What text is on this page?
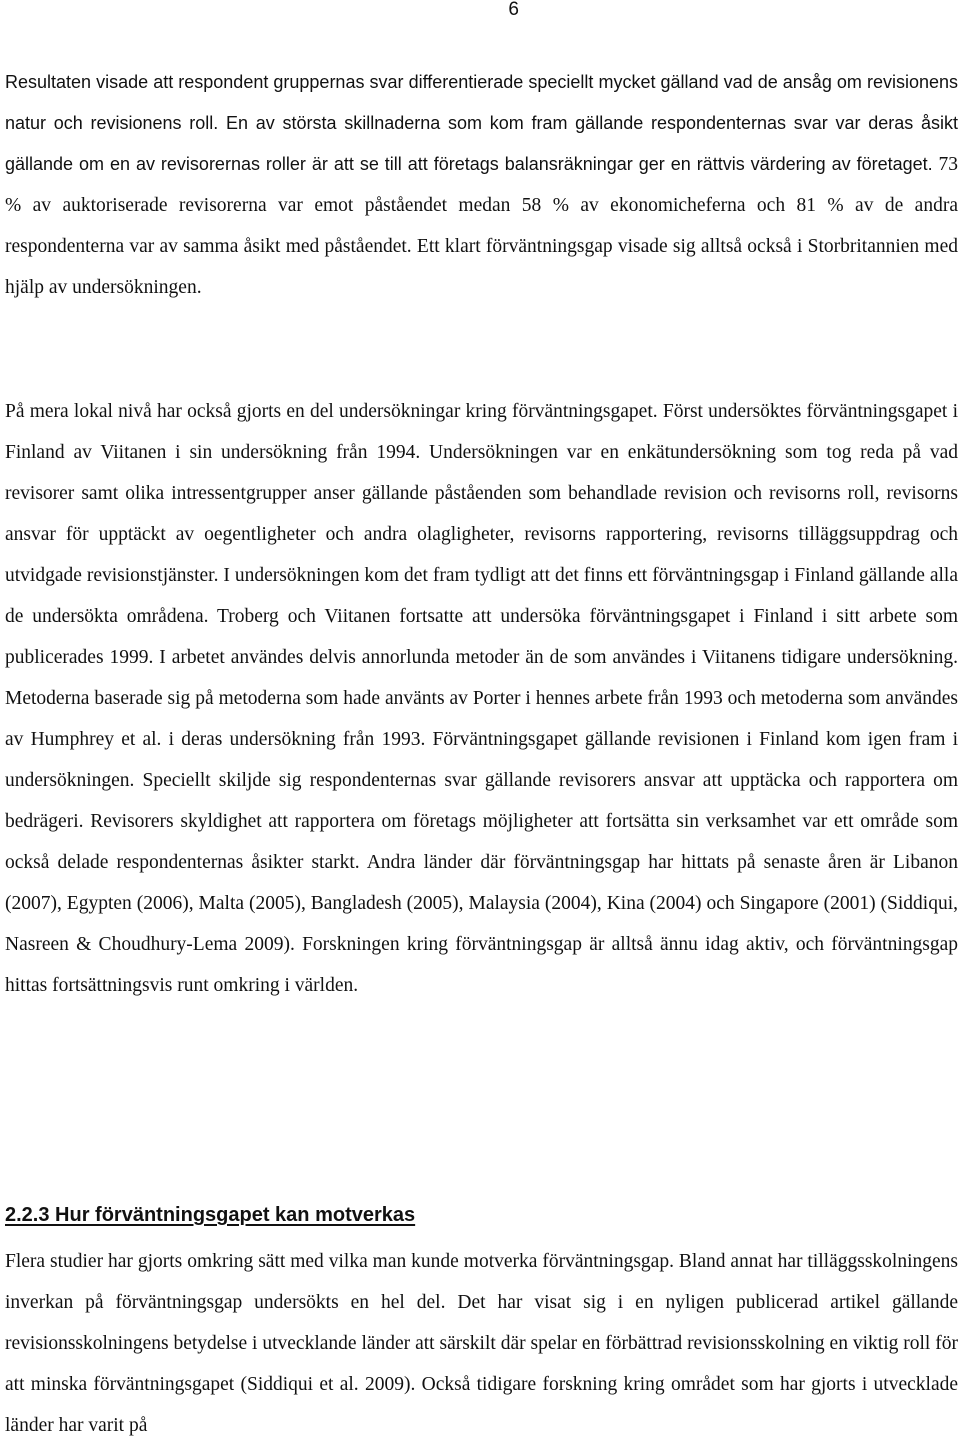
6

Resultaten visade att respondent gruppernas svar differentierade speciellt mycket gälland vad de ansåg om revisionens natur och revisionens roll. En av största skillnaderna som kom fram gällande respondenternas svar var deras åsikt gällande om en av revisorernas roller är att se till att företags balansräkningar ger en rättvis värdering av företaget. 73 % av auktoriserade revisorerna var emot påståendet medan 58 % av ekonomicheferna och 81 % av de andra respondenterna var av samma åsikt med påståendet. Ett klart förväntningsgap visade sig alltså också i Storbritannien med hjälp av undersökningen.

På mera lokal nivå har också gjorts en del undersökningar kring förväntningsgapet. Först undersöktes förväntningsgapet i Finland av Viitanen i sin undersökning från 1994. Undersökningen var en enkätundersökning som tog reda på vad revisorer samt olika intressentgrupper anser gällande påståenden som behandlade revision och revisorns roll, revisorns ansvar för upptäckt av oegentligheter och andra olagligheter, revisorns rapportering, revisorns tilläggsuppdrag och utvidgade revisionstjänster. I undersökningen kom det fram tydligt att det finns ett förväntningsgap i Finland gällande alla de undersökta områdena. Troberg och Viitanen fortsatte att undersöka förväntningsgapet i Finland i sitt arbete som publicerades 1999. I arbetet användes delvis annorlunda metoder än de som användes i Viitanens tidigare undersökning. Metoderna baserade sig på metoderna som hade använts av Porter i hennes arbete från 1993 och metoderna som användes av Humphrey et al. i deras undersökning från 1993. Förväntningsgapet gällande revisionen i Finland kom igen fram i undersökningen. Speciellt skiljde sig respondenternas svar gällande revisorers ansvar att upptäcka och rapportera om bedrägeri. Revisorers skyldighet att rapportera om företags möjligheter att fortsätta sin verksamhet var ett område som också delade respondenternas åsikter starkt. Andra länder där förväntningsgap har hittats på senaste åren är Libanon (2007), Egypten (2006), Malta (2005), Bangladesh (2005), Malaysia (2004), Kina (2004) och Singapore (2001) (Siddiqui, Nasreen & Choudhury-Lema 2009). Forskningen kring förväntningsgap är alltså ännu idag aktiv, och förväntningsgap hittas fortsättningsvis runt omkring i världen.

2.2.3 Hur förväntningsgapet kan motverkas

Flera studier har gjorts omkring sätt med vilka man kunde motverka förväntningsgap. Bland annat har tilläggsskolningens inverkan på förväntningsgap undersökts en hel del. Det har visat sig i en nyligen publicerad artikel gällande revisionsskolningens betydelse i utvecklande länder att särskilt där spelar en förbättrad revisionsskolning en viktig roll för att minska förväntningsgapet (Siddiqui et al. 2009). Också tidigare forskning kring området som har gjorts i utvecklade länder har varit på
